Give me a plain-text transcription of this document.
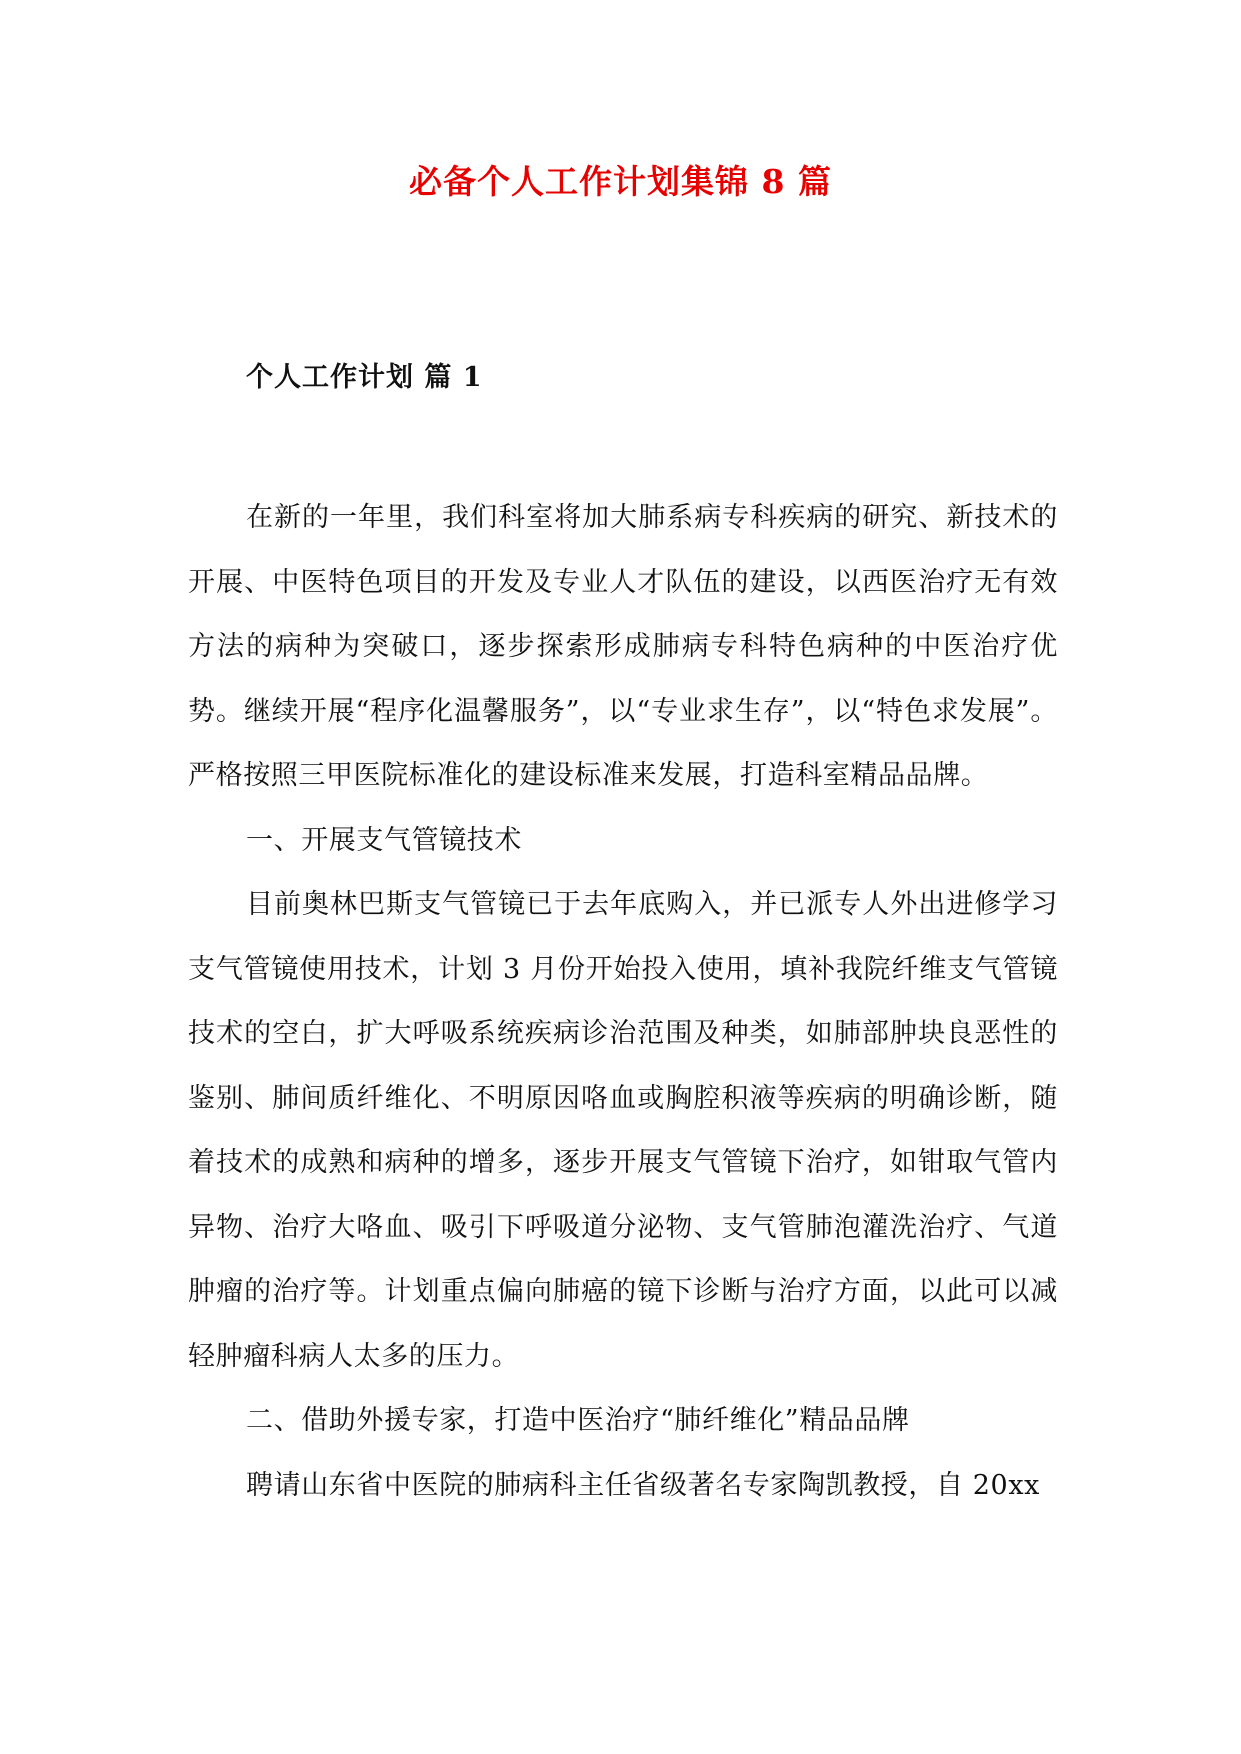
必备个人工作计划集锦 8 篇
个人工作计划 篇 1

在新的一年里，我们科室将加大肺系病专科疾病的研究、新技术的开展、中医特色项目的开发及专业人才队伍的建设，以西医治疗无有效方法的病种为突破口，逐步探索形成肺病专科特色病种的中医治疗优势。继续开展“程序化温馨服务”，以“专业求生存”，以“特色求发展”。严格按照三甲医院标准化的建设标准来发展，打造科室精品品牌。

一、开展支气管镜技术

目前奥林巴斯支气管镜已于去年底购入，并已派专人外出进修学习支气管镜使用技术，计划 3 月份开始投入使用，填补我院纤维支气管镜技术的空白，扩大呼吸系统疾病诊治范围及种类，如肺部肿块良恶性的鉴别、肺间质纤维化、不明原因咯血或胸腔积液等疾病的明确诊断，随着技术的成熟和病种的增多，逐步开展支气管镜下治疗，如钳取气管内异物、治疗大咯血、吸引下呼吸道分泌物、支气管肺泡灌洗治疗、气道肿瘤的治疗等。计划重点偏向肺癌的镜下诊断与治疗方面，以此可以减轻肿瘤科病人太多的压力。

二、借助外援专家，打造中医治疗“肺纤维化”精品品牌

聘请山东省中医院的肺病科主任省级著名专家陶凯教授，自 20xx
